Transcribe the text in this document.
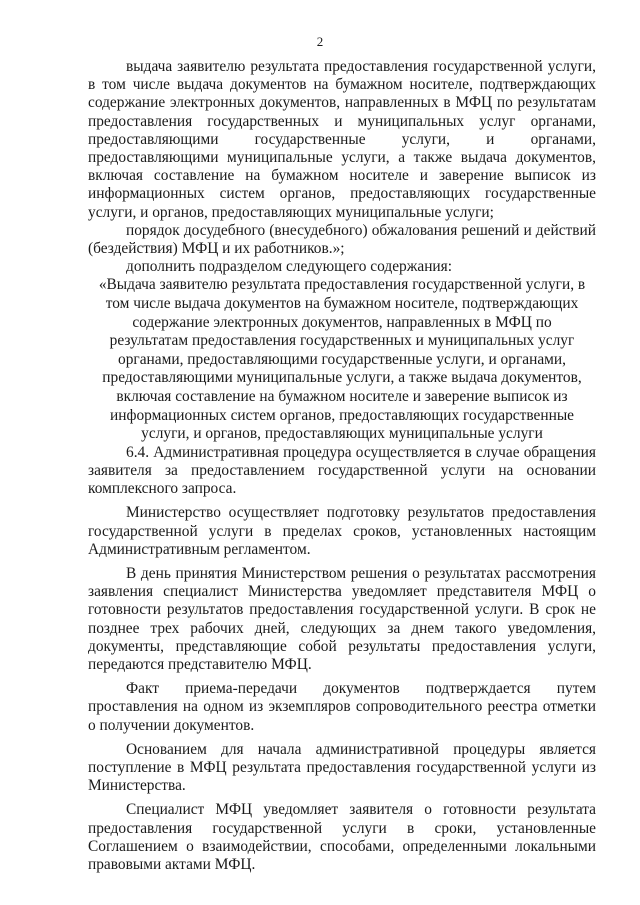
2

выдача заявителю результата предоставления государственной услуги, в том числе выдача документов на бумажном носителе, подтверждающих содержание электронных документов, направленных в МФЦ по результатам предоставления государственных и муниципальных услуг органами, предоставляющими государственные услуги, и органами, предоставляющими муниципальные услуги, а также выдача документов, включая составление на бумажном носителе и заверение выписок из информационных систем органов, предоставляющих государственные услуги, и органов, предоставляющих муниципальные услуги;

порядок досудебного (внесудебного) обжалования решений и действий (бездействия) МФЦ и их работников.»;

дополнить подразделом следующего содержания:

«Выдача заявителю результата предоставления государственной услуги, в том числе выдача документов на бумажном носителе, подтверждающих содержание электронных документов, направленных в МФЦ по результатам предоставления государственных и муниципальных услуг органами, предоставляющими государственные услуги, и органами, предоставляющими муниципальные услуги, а также выдача документов, включая составление на бумажном носителе и заверение выписок из информационных систем органов, предоставляющих государственные услуги, и органов, предоставляющих муниципальные услуги

6.4. Административная процедура осуществляется в случае обращения заявителя за предоставлением государственной услуги на основании комплексного запроса.

Министерство осуществляет подготовку результатов предоставления государственной услуги в пределах сроков, установленных настоящим Административным регламентом.

В день принятия Министерством решения о результатах рассмотрения заявления специалист Министерства уведомляет представителя МФЦ о готовности результатов предоставления государственной услуги. В срок не позднее трех рабочих дней, следующих за днем такого уведомления, документы, представляющие собой результаты предоставления услуги, передаются представителю МФЦ.

Факт приема-передачи документов подтверждается путем проставления на одном из экземпляров сопроводительного реестра отметки о получении документов.

Основанием для начала административной процедуры является поступление в МФЦ результата предоставления государственной услуги из Министерства.

Специалист МФЦ уведомляет заявителя о готовности результата предоставления государственной услуги в сроки, установленные Соглашением о взаимодействии, способами, определенными локальными правовыми актами МФЦ.
